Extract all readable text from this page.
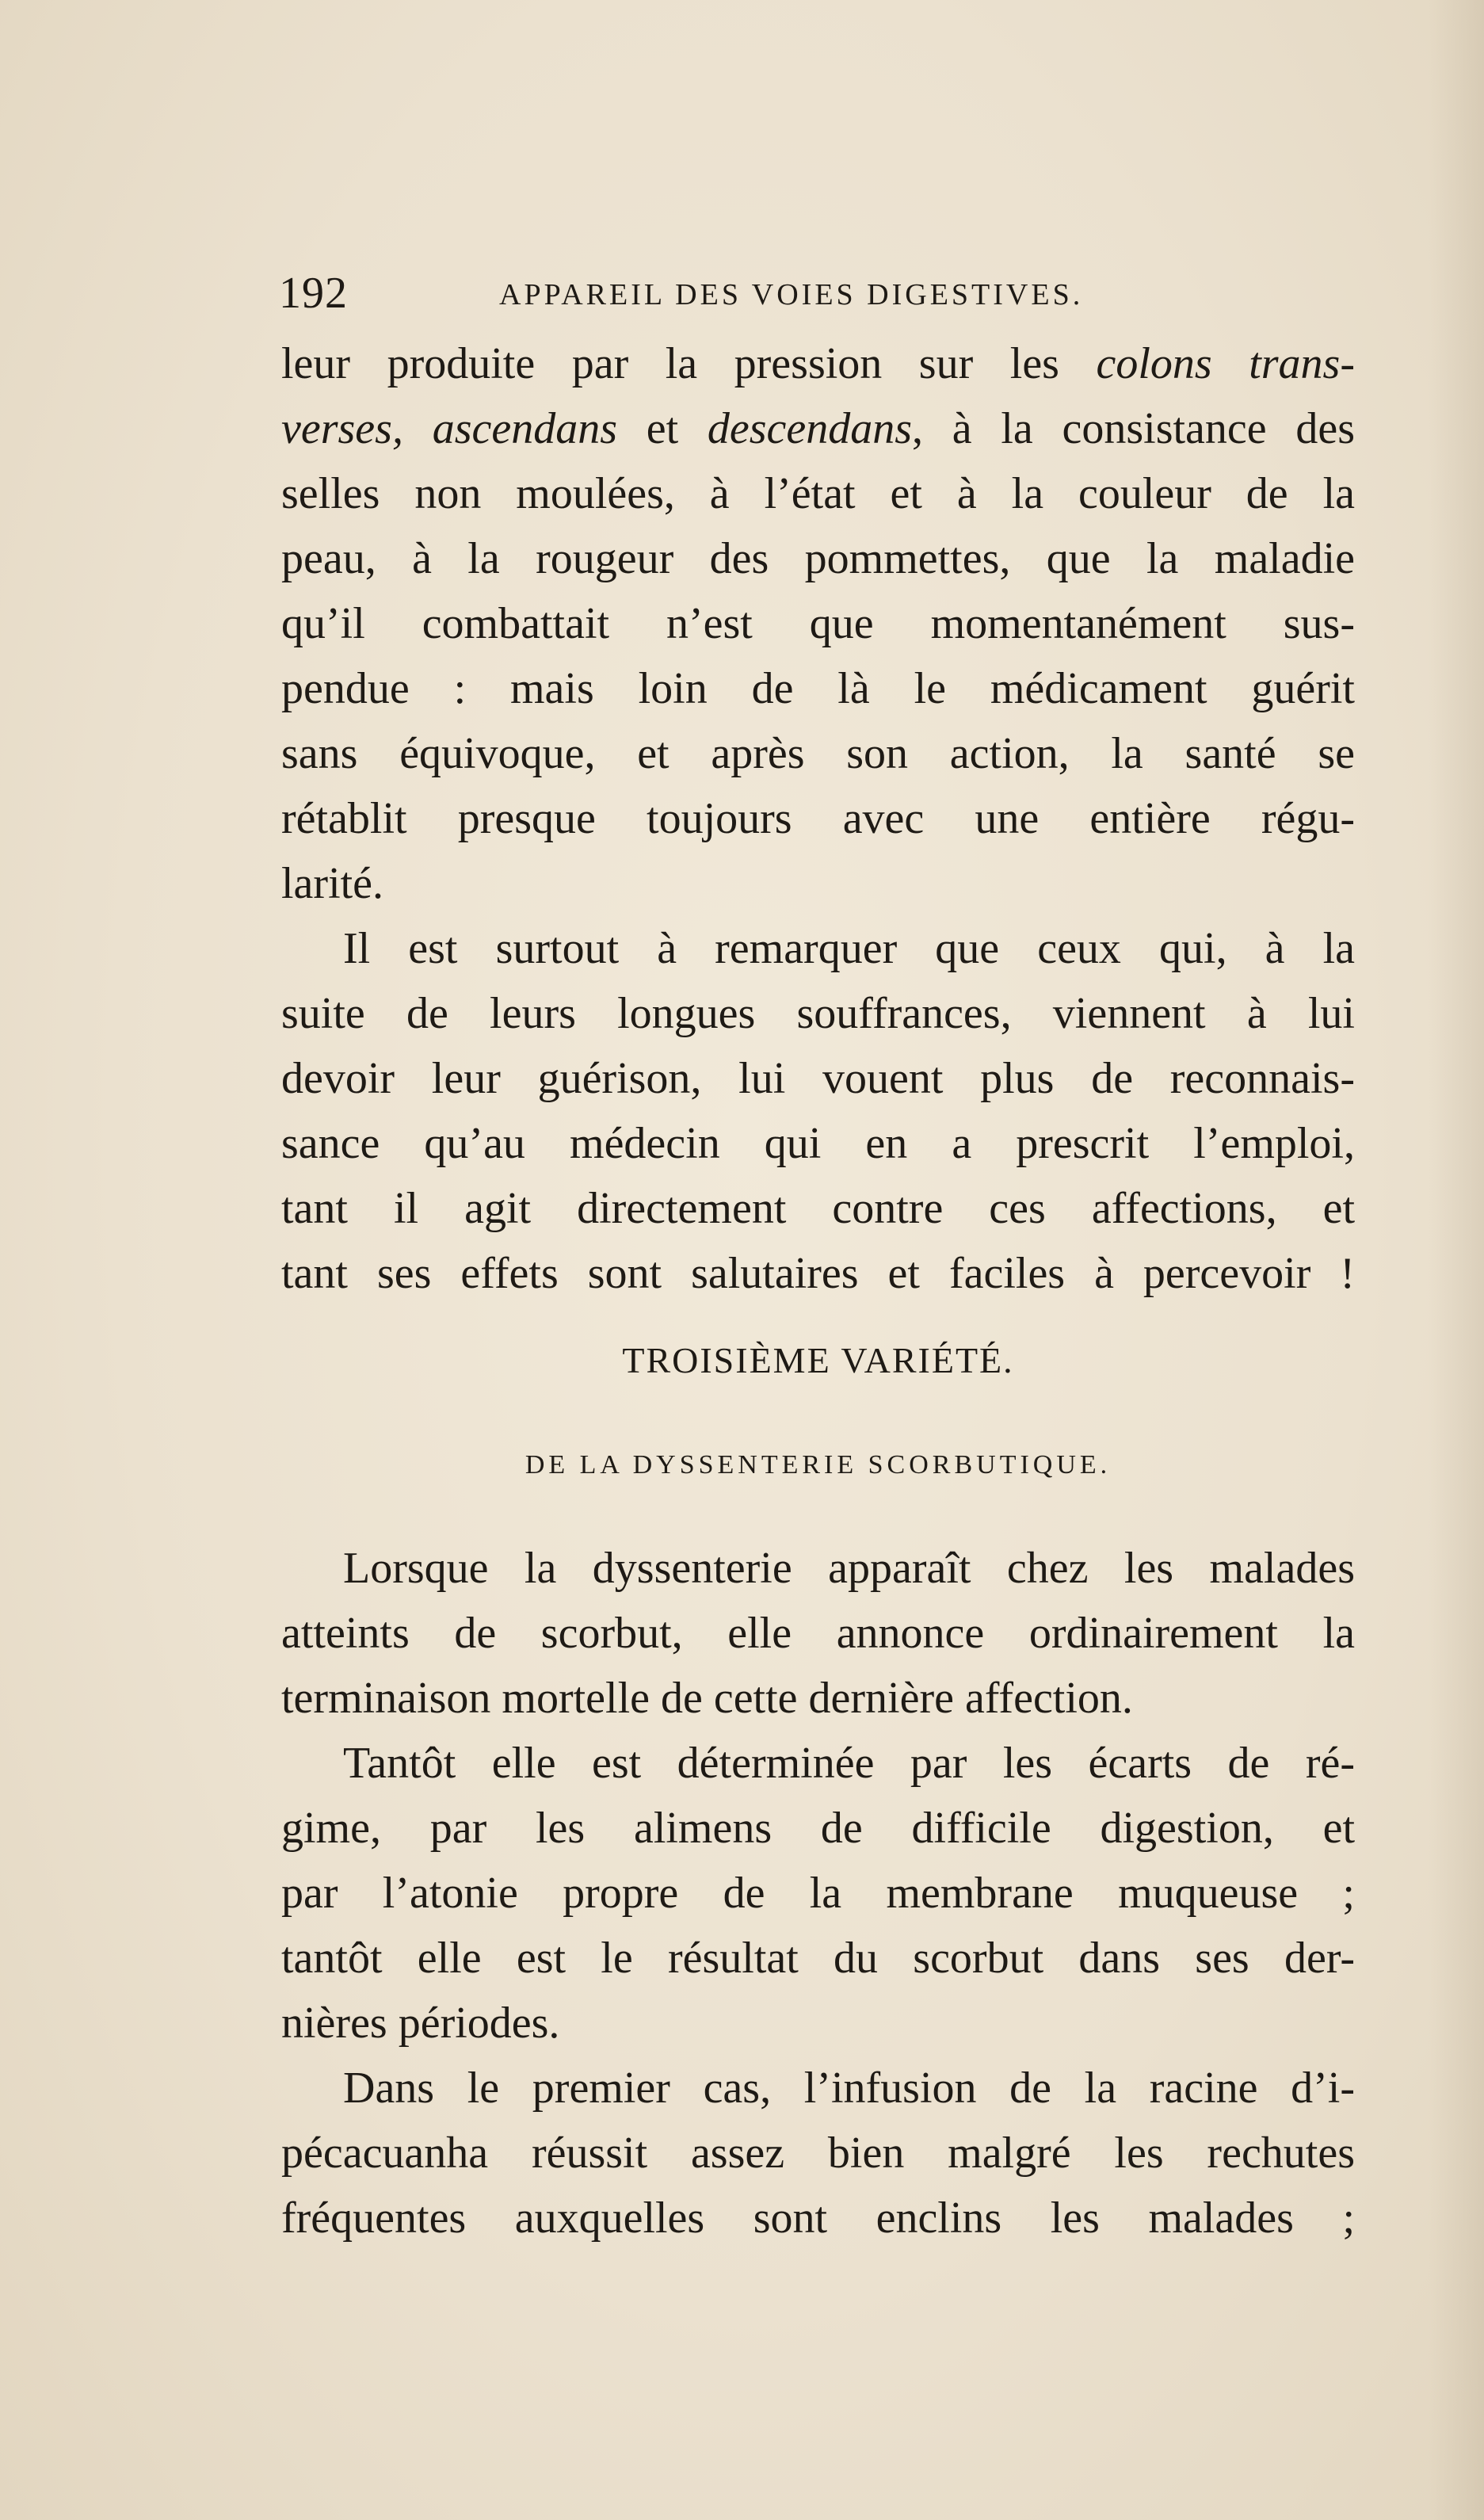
192	APPAREIL DES VOIES DIGESTIVES.
leur produite par la pression sur les colons trans-
verses, ascendans et descendans, à la consistance des
selles non moulées, à l’état et à la couleur de la
peau, à la rougeur des pommettes, que la maladie
qu’il combattait n’est que momentanément sus-
pendue : mais loin de là le médicament guérit
sans équivoque, et après son action, la santé se
rétablit presque toujours avec une entière régu-
larité.
Il est surtout à remarquer que ceux qui, à la
suite de leurs longues souffrances, viennent à lui
devoir leur guérison, lui vouent plus de reconnais-
sance qu’au médecin qui en a prescrit l’emploi,
tant il agit directement contre ces affections, et
tant ses effets sont salutaires et faciles à percevoir !
TROISIÈME VARIÉTÉ.
DE LA DYSSENTERIE SCORBUTIQUE.
Lorsque la dyssenterie apparaît chez les malades
atteints de scorbut, elle annonce ordinairement la
terminaison mortelle de cette dernière affection.
Tantôt elle est déterminée par les écarts de ré-
gime, par les alimens de difficile digestion, et
par l’atonie propre de la membrane muqueuse ;
tantôt elle est le résultat du scorbut dans ses der-
nières périodes.
Dans le premier cas, l’infusion de la racine d’i-
pécacuanha réussit assez bien malgré les rechutes
fréquentes auxquelles sont enclins les malades ;
